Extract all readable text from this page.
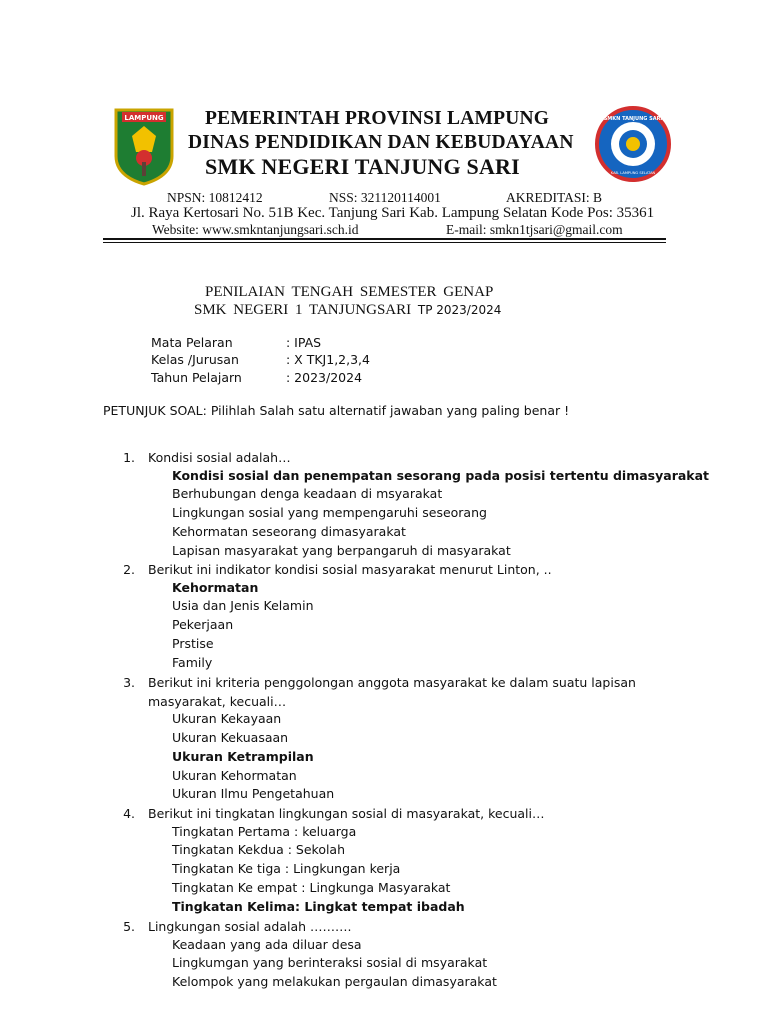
LAMPUNG	SMKN TANJUNG SARI
KAB. LAMPUNG SELATAN
PEMERINTAH PROVINSI LAMPUNG
DINAS PENDIDIKAN DAN KEBUDAYAAN
SMK NEGERI TANJUNG SARI
NPSN: 10812412	NSS: 321120114001	AKREDITASI: B
Jl. Raya Kertosari No. 51B Kec. Tanjung Sari Kab. Lampung Selatan Kode Pos: 35361
Website: www.smkntanjungsari.sch.id	E-mail: smkn1tjsari@gmail.com
PENILAIAN TENGAH SEMESTER GENAP
SMK NEGERI 1 TANJUNGSARI TP 2023/2024
Mata Pelaran	: IPAS
Kelas /Jurusan	: X TKJ1,2,3,4
Tahun Pelajarn	: 2023/2024
PETUNJUK SOAL: Pilihlah Salah satu alternatif jawaban yang paling benar !
1. Kondisi sosial adalah…
Kondisi sosial dan penempatan sesorang pada posisi tertentu dimasyarakat
Berhubungan denga keadaan di msyarakat
Lingkungan sosial yang mempengaruhi seseorang
Kehormatan seseorang dimasyarakat
Lapisan masyarakat yang berpangaruh di masyarakat
2. Berikut ini indikator kondisi sosial masyarakat menurut Linton, ..
Kehormatan
Usia dan Jenis Kelamin
Pekerjaan
Prstise
Family
3. Berikut ini kriteria penggolongan anggota masyarakat ke dalam suatu lapisan masyarakat, kecuali…
Ukuran Kekayaan
Ukuran Kekuasaan
Ukuran Ketrampilan
Ukuran Kehormatan
Ukuran Ilmu Pengetahuan
4. Berikut ini tingkatan lingkungan sosial di masyarakat, kecuali…
Tingkatan Pertama : keluarga
Tingkatan Kekdua : Sekolah
Tingkatan Ke tiga : Lingkungan kerja
Tingkatan Ke empat : Lingkunga Masyarakat
Tingkatan Kelima: Lingkat tempat ibadah
5. Lingkungan sosial adalah ……….
Keadaan yang ada diluar desa
Lingkumgan yang berinteraksi sosial di msyarakat
Kelompok yang melakukan pergaulan dimasyarakat
